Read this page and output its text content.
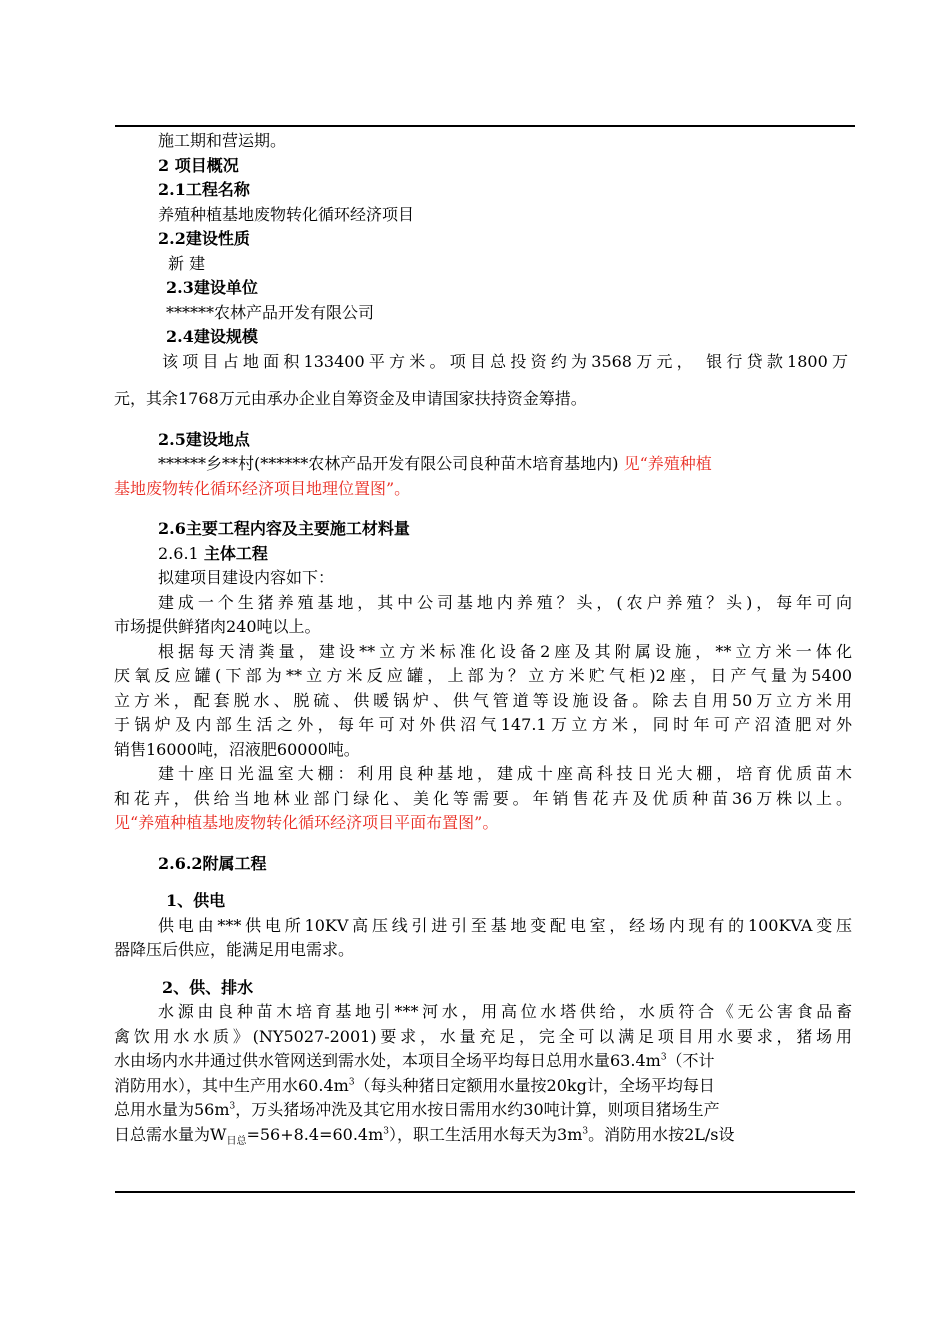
施工期和营运期。
2 项目概况
2.1工程名称
养殖种植基地废物转化循环经济项目
2.2建设性质
新 建
2.3建设单位
******农林产品开发有限公司
2.4建设规模
该项目占地面积133400平方米。项目总投资约为3568万元， 银行贷款1800万
元，其余1768万元由承办企业自筹资金及申请国家扶持资金筹措。
2.5建设地点
******乡**村(******农林产品开发有限公司良种苗木培育基地内) 见“养殖种植
基地废物转化循环经济项目地理位置图”。
2.6主要工程内容及主要施工材料量
2.6.1 主体工程
拟建项目建设内容如下：
建成一个生猪养殖基地，其中公司基地内养殖？头，(农户养殖？头)，每年可向
市场提供鲜猪肉240吨以上。
根据每天清粪量，建设**立方米标准化设备2座及其附属设施，**立方米一体化
厌氧反应罐(下部为**立方米反应罐，上部为？立方米贮气柜)2座，日产气量为5400
立方米，配套脱水、脱硫、供暖锅炉、供气管道等设施设备。除去自用50万立方米用
于锅炉及内部生活之外，每年可对外供沼气147.1万立方米，同时年可产沼渣肥对外
销售16000吨，沼液肥60000吨。
建十座日光温室大棚：利用良种基地，建成十座高科技日光大棚，培育优质苗木
和花卉，供给当地林业部门绿化、美化等需要。年销售花卉及优质种苗36万株以上。
见“养殖种植基地废物转化循环经济项目平面布置图”。
2.6.2附属工程
1、供电
供电由***供电所10KV高压线引进引至基地变配电室，经场内现有的100KVA变压
器降压后供应，能满足用电需求。
2、供、排水
水源由良种苗木培育基地引***河水，用高位水塔供给，水质符合《无公害食品畜
禽饮用水水质》(NY5027-2001)要求，水量充足，完全可以满足项目用水要求，猪场用
水由场内水井通过供水管网送到需水处，本项目全场平均每日总用水量$63.4m^3$（不计
消防用水），其中生产用水$60.4m^3$（每头种猪日定额用水量按20kg计，全场平均每日
总用水量为$56m^3$，万头猪场冲洗及其它用水按日需用水约30吨计算，则项目猪场生产
日总需水量为$W_{日总}=56+8.4=60.4m^3$），职工生活用水每天为$3m^3$。消防用水按2L/s设
